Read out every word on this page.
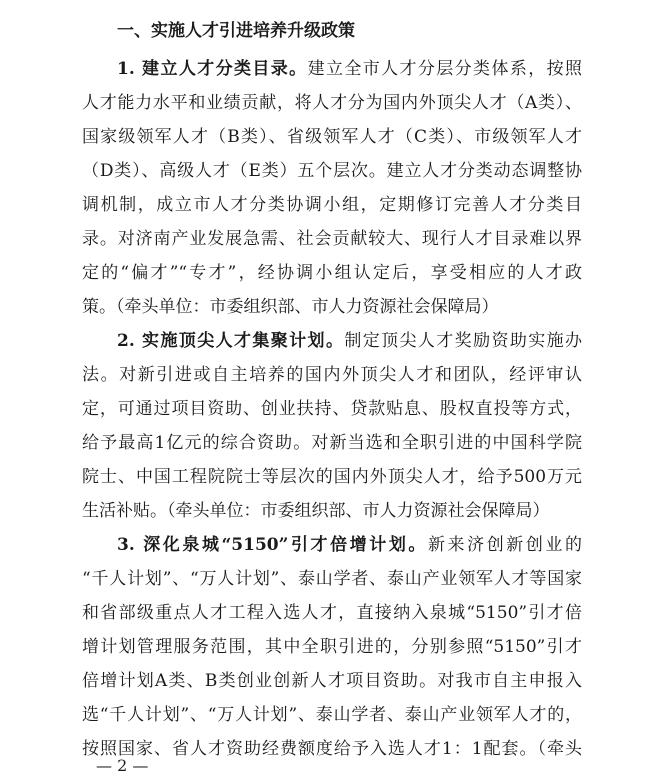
一、实施人才引进培养升级政策
1. 建立人才分类目录。建立全市人才分层分类体系，按照
人才能力水平和业绩贡献，将人才分为国内外顶尖人才（A类）、
国家级领军人才（B类）、省级领军人才（C类）、市级领军人才
（D类）、高级人才（E类）五个层次。建立人才分类动态调整协
调机制，成立市人才分类协调小组，定期修订完善人才分类目
录。对济南产业发展急需、社会贡献较大、现行人才目录难以界
定的“偏才”“专才”，经协调小组认定后，享受相应的人才政
策。（牵头单位：市委组织部、市人力资源社会保障局）
2. 实施顶尖人才集聚计划。制定顶尖人才奖励资助实施办
法。对新引进或自主培养的国内外顶尖人才和团队，经评审认
定，可通过项目资助、创业扶持、贷款贴息、股权直投等方式，
给予最高1亿元的综合资助。对新当选和全职引进的中国科学院
院士、中国工程院院士等层次的国内外顶尖人才，给予500万元
生活补贴。（牵头单位：市委组织部、市人力资源社会保障局）
3. 深化泉城“5150”引才倍增计划。新来济创新创业的
“千人计划”、“万人计划”、泰山学者、泰山产业领军人才等国家
和省部级重点人才工程入选人才，直接纳入泉城“5150”引才倍
增计划管理服务范围，其中全职引进的，分别参照“5150”引才
倍增计划A类、B类创业创新人才项目资助。对我市自主申报入
选“千人计划”、“万人计划”、泰山学者、泰山产业领军人才的，
按照国家、省人才资助经费额度给予入选人才1：1配套。（牵头
— 2 —
